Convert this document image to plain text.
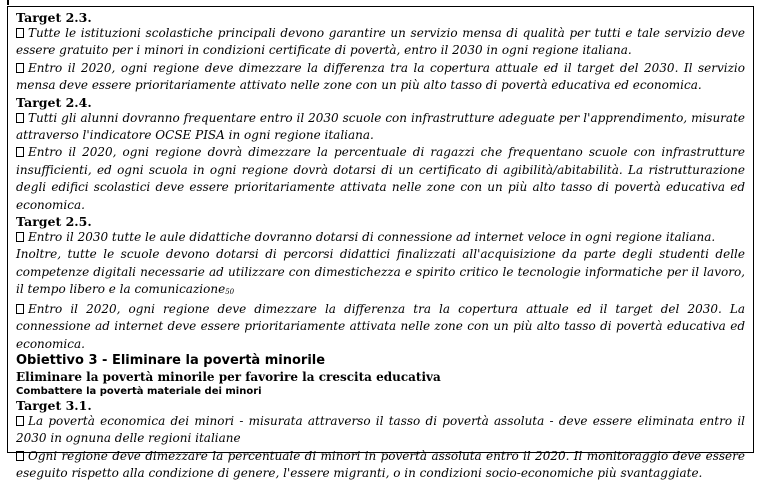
Target 2.3.
Tutte le istituzioni scolastiche principali devono garantire un servizio mensa di qualità per tutti e tale servizio deve essere gratuito per i minori in condizioni certificate di povertà, entro il 2030 in ogni regione italiana.
Entro il 2020, ogni regione deve dimezzare la differenza tra la copertura attuale ed il target del 2030. Il servizio mensa deve essere prioritariamente attivato nelle zone con un più alto tasso di povertà educativa ed economica.
Target 2.4.
Tutti gli alunni dovranno frequentare entro il 2030 scuole con infrastrutture adeguate per l'apprendimento, misurate attraverso l'indicatore OCSE PISA in ogni regione italiana.
Entro il 2020, ogni regione dovrà dimezzare la percentuale di ragazzi che frequentano scuole con infrastrutture insufficienti, ed ogni scuola in ogni regione dovrà dotarsi di un certificato di agibilità/abitabilità. La ristrutturazione degli edifici scolastici deve essere prioritariamente attivata nelle zone con un più alto tasso di povertà educativa ed economica.
Target 2.5.
Entro il 2030 tutte le aule didattiche dovranno dotarsi di connessione ad internet veloce in ogni regione italiana.
Inoltre, tutte le scuole devono dotarsi di percorsi didattici finalizzati all'acquisizione da parte degli studenti delle competenze digitali necessarie ad utilizzare con dimestichezza e spirito critico le tecnologie informatiche per il lavoro, il tempo libero e la comunicazione$^{50}$
Entro il 2020, ogni regione deve dimezzare la differenza tra la copertura attuale ed il target del 2030. La connessione ad internet deve essere prioritariamente attivata nelle zone con un più alto tasso di povertà educativa ed economica.
Obiettivo 3 - Eliminare la povertà minorile
Eliminare la povertà minorile per favorire la crescita educativa
Combattere la povertà materiale dei minori
Target 3.1.
La povertà economica dei minori - misurata attraverso il tasso di povertà assoluta - deve essere eliminata entro il 2030 in ognuna delle regioni italiane
Ogni regione deve dimezzare la percentuale di minori in povertà assoluta entro il 2020. Il monitoraggio deve essere eseguito rispetto alla condizione di genere, l'essere migranti, o in condizioni socio-economiche più svantaggiate.
